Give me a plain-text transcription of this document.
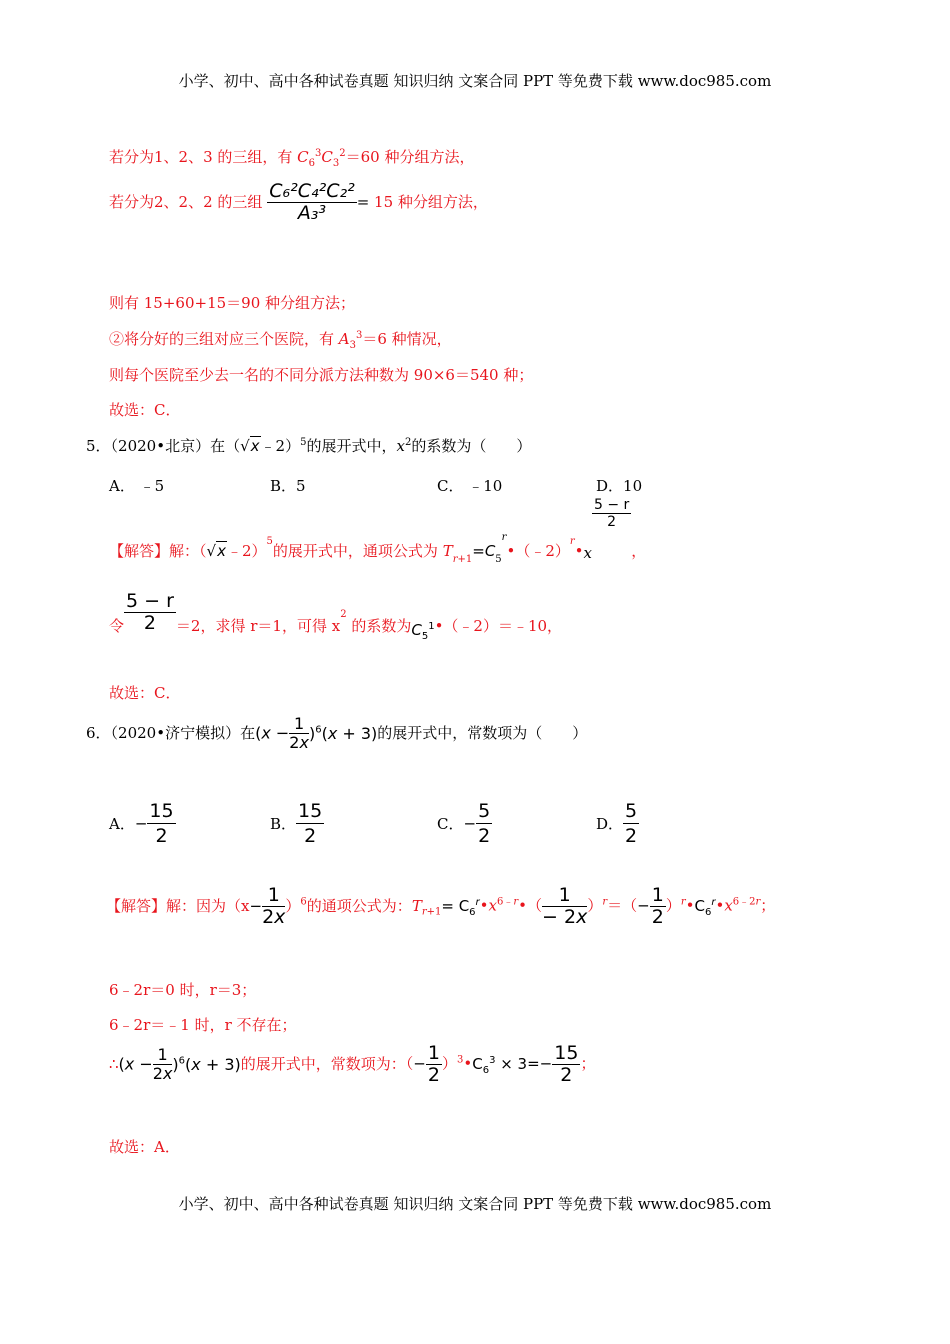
小学、初中、高中各种试卷真题 知识归纳 文案合同 PPT 等免费下载 www.doc985.com
若分为1、2、3 的三组，有 $C_6^3C_3^2=60$ 种分组方法，
若分为2、2、2 的三组 $\frac{\text{C₆²C₄²C₂²}}{\text{A₃³}} = 15$ 种分组方法，
则有 15+60+15＝90 种分组方法；
②将分好的三组对应三个医院，有 $A_3^3=6$ 种情况，
则每个医院至少去一名的不同分派方法种数为 90×6＝540 种；
故选：C．
5．（2020•北京）在（√x﹣2）$^5$的展开式中，$x^2$的系数为（　　）
A． ﹣5	B．5	C． ﹣10	D．10
【解答】解：（√x﹣2）$^5$的展开式中，通项公式为 $T_{r+1}=C_5^r•(﹣2)^r•x$
$\frac{5 - r}{2}$
，
令 $\frac{5 - r}{2} =2$，求得 r＝1，可得 $x^2$ 的系数为$C_5^1•(﹣2)=﹣10$，
故选：C．
6．（2020•济宁模拟）在$(x - \frac{1}{2x} )^6(x + 3)$的展开式中，常数项为（　　）
A．− $\frac{15}{2}$	B． $\frac{15}{2}$	C．− $\frac{5}{2}$	D． $\frac{5}{2}$
【解答】解：因为$(x- \frac{1}{2x} )^6$的通项公式为：$T_{r+1}=$ $C_6^r•x^{6﹣r}•( \frac{1}{- 2x} )^r=(- \frac{1}{2}$ ）$^r•C_6^r•x^{6﹣2r}$；
6﹣2r＝0 时，r＝3；
6﹣2r＝﹣1 时，r 不存在；
∴(x − $\frac{1}{2x} )^6(x + 3)$的展开式中，常数项为：（− $\frac{1}{2}$ ）$^3•C_6^3 \times 3=- \frac{15}{2}$ ；
故选：A．
小学、初中、高中各种试卷真题 知识归纳 文案合同 PPT 等免费下载 www.doc985.com
